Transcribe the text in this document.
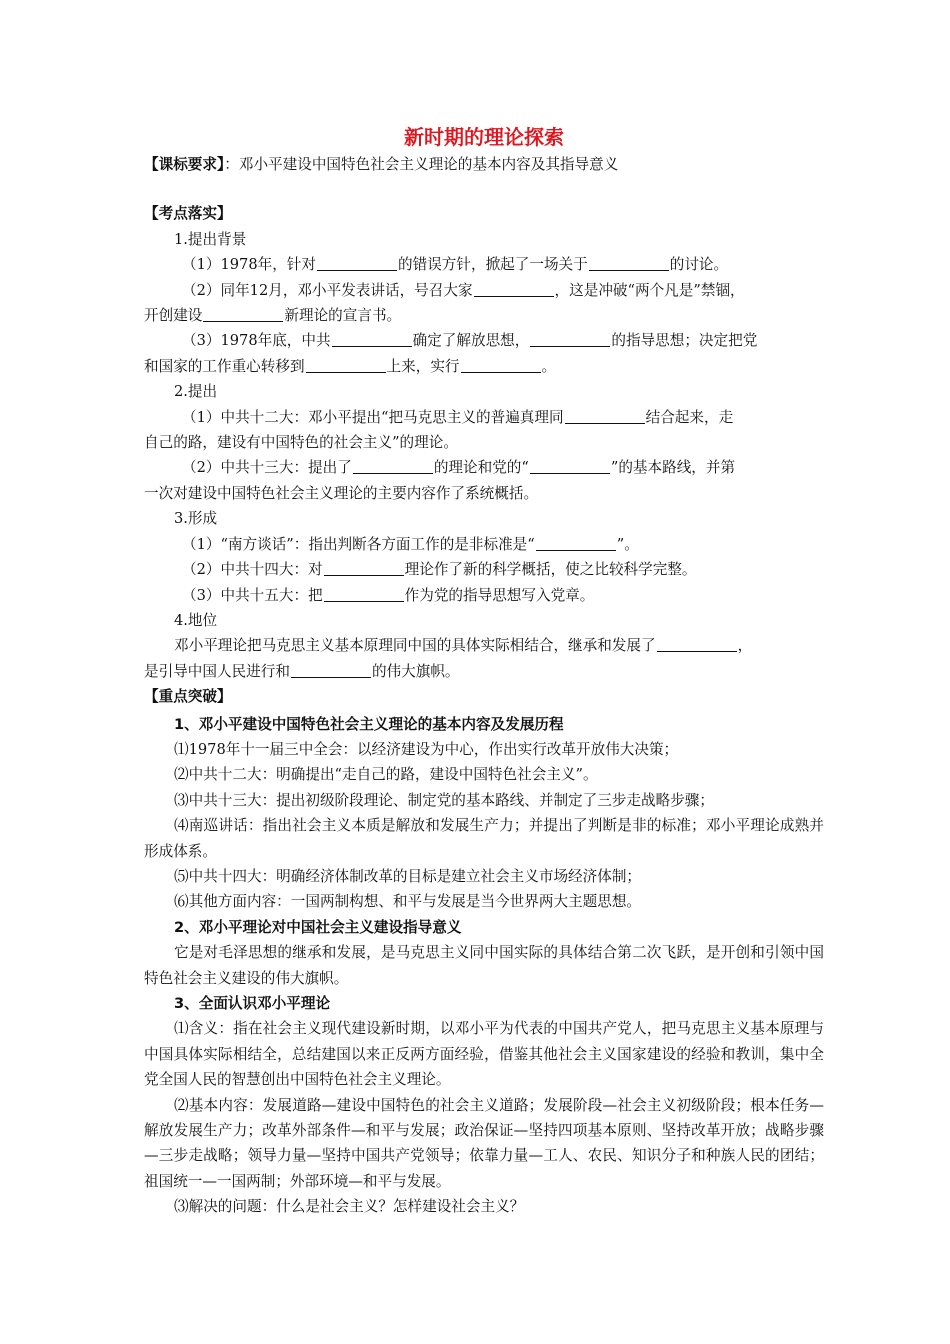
新时期的理论探索
【课标要求】：邓小平建设中国特色社会主义理论的基本内容及其指导意义
【考点落实】
1.提出背景
（1）1978年，针对	的错误方针，掀起了一场关于	的讨论。
（2）同年12月，邓小平发表讲话，号召大家	，这是冲破“两个凡是”禁锢，
开创建设	新理论的宣言书。
（3）1978年底，中共	确定了解放思想，	的指导思想；决定把党
和国家的工作重心转移到	上来，实行	。
2.提出
（1）中共十二大：邓小平提出“把马克思主义的普遍真理同	结合起来，走
自己的路，建设有中国特色的社会主义”的理论。
（2）中共十三大：提出了	的理论和党的“	”的基本路线，并第
一次对建设中国特色社会主义理论的主要内容作了系统概括。
3.形成
（1）“南方谈话”：指出判断各方面工作的是非标准是“	”。
（2）中共十四大：对	理论作了新的科学概括，使之比较科学完整。
（3）中共十五大：把	作为党的指导思想写入党章。
4.地位
邓小平理论把马克思主义基本原理同中国的具体实际相结合，继承和发展了	，
是引导中国人民进行和	的伟大旗帜。
【重点突破】
1、邓小平建设中国特色社会主义理论的基本内容及发展历程
⑴1978年十一届三中全会：以经济建设为中心，作出实行改革开放伟大决策；
⑵中共十二大：明确提出“走自己的路，建设中国特色社会主义”。
⑶中共十三大：提出初级阶段理论、制定党的基本路线、并制定了三步走战略步骤；
⑷南巡讲话：指出社会主义本质是解放和发展生产力；并提出了判断是非的标准；邓小平理论成熟并形成体系。
⑸中共十四大：明确经济体制改革的目标是建立社会主义市场经济体制；
⑹其他方面内容：一国两制构想、和平与发展是当今世界两大主题思想。
2、邓小平理论对中国社会主义建设指导意义
它是对毛泽思想的继承和发展，是马克思主义同中国实际的具体结合第二次飞跃，是开创和引领中国特色社会主义建设的伟大旗帜。
3、全面认识邓小平理论
⑴含义：指在社会主义现代建设新时期，以邓小平为代表的中国共产党人，把马克思主义基本原理与中国具体实际相结全，总结建国以来正反两方面经验，借鉴其他社会主义国家建设的经验和教训，集中全党全国人民的智慧创出中国特色社会主义理论。
⑵基本内容：发展道路—建设中国特色的社会主义道路；发展阶段—社会主义初级阶段；根本任务—解放发展生产力；改革外部条件—和平与发展；政治保证—坚持四项基本原则、坚持改革开放；战略步骤—三步走战略；领导力量—坚持中国共产党领导；依靠力量—工人、农民、知识分子和种族人民的团结；祖国统一—一国两制；外部环境—和平与发展。
⑶解决的问题：什么是社会主义？怎样建设社会主义？
